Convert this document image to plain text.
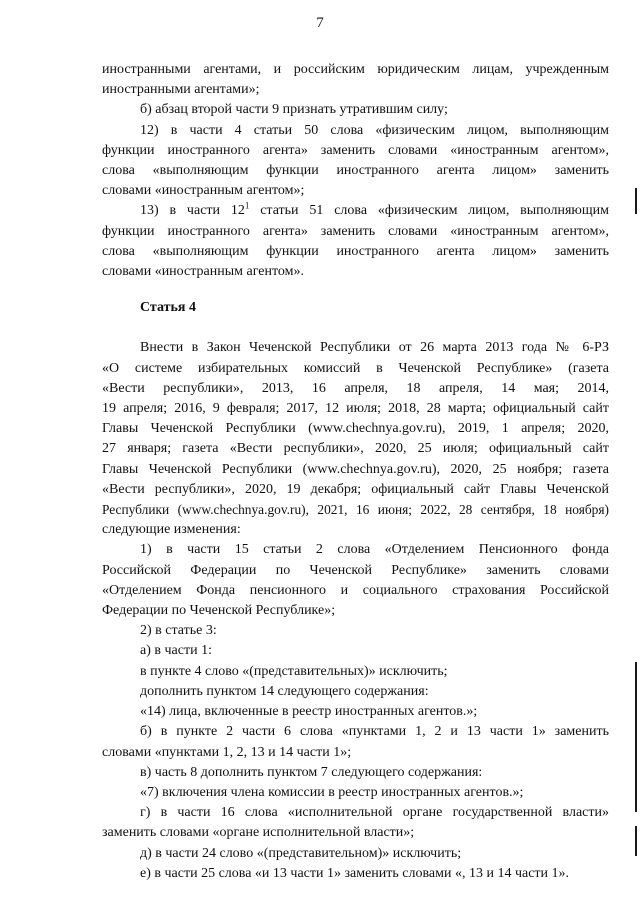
7

иностранными агентами, и российским юридическим лицам, учрежденным

иностранными агентами»;

б) абзац второй части 9 признать утратившим силу;

12) в части 4 статьи 50 слова «физическим лицом, выполняющим

функции иностранного агента» заменить словами «иностранным агентом»,

слова «выполняющим функции иностранного агента лицом» заменить

словами «иностранным агентом»;

13) в части $12^1$ статьи 51 слова «физическим лицом, выполняющим

функции иностранного агента» заменить словами «иностранным агентом»,

слова «выполняющим функции иностранного агента лицом» заменить

словами «иностранным агентом».

Статья 4

Внести в Закон Чеченской Республики от 26 марта 2013 года № 6-РЗ

«О системе избирательных комиссий в Чеченской Республике» (газета

«Вести республики», 2013, 16 апреля, 18 апреля, 14 мая; 2014,

19 апреля; 2016, 9 февраля; 2017, 12 июля; 2018, 28 марта; официальный сайт

Главы Чеченской Республики (www.chechnya.gov.ru), 2019, 1 апреля; 2020,

27 января; газета «Вести республики», 2020, 25 июля; официальный сайт

Главы Чеченской Республики (www.chechnya.gov.ru), 2020, 25 ноября; газета

«Вести республики», 2020, 19 декабря; официальный сайт Главы Чеченской

Республики (www.chechnya.gov.ru), 2021, 16 июня; 2022, 28 сентября, 18 ноября)

следующие изменения:

1) в части 15 статьи 2 слова «Отделением Пенсионного фонда

Российской Федерации по Чеченской Республике» заменить словами

«Отделением Фонда пенсионного и социального страхования Российской

Федерации по Чеченской Республике»;

2) в статье 3:

а) в части 1:

в пункте 4 слово «(представительных)» исключить;

дополнить пунктом 14 следующего содержания:

«14) лица, включенные в реестр иностранных агентов.»;

б) в пункте 2 части 6 слова «пунктами 1, 2 и 13 части 1» заменить

словами «пунктами 1, 2, 13 и 14 части 1»;

в) часть 8 дополнить пунктом 7 следующего содержания:

«7) включения члена комиссии в реестр иностранных агентов.»;

г) в части 16 слова «исполнительной органе государственной власти»

заменить словами «органе исполнительной власти»;

д) в части 24 слово «(представительном)» исключить;

е) в части 25 слова «и 13 части 1» заменить словами «, 13 и 14 части 1».
